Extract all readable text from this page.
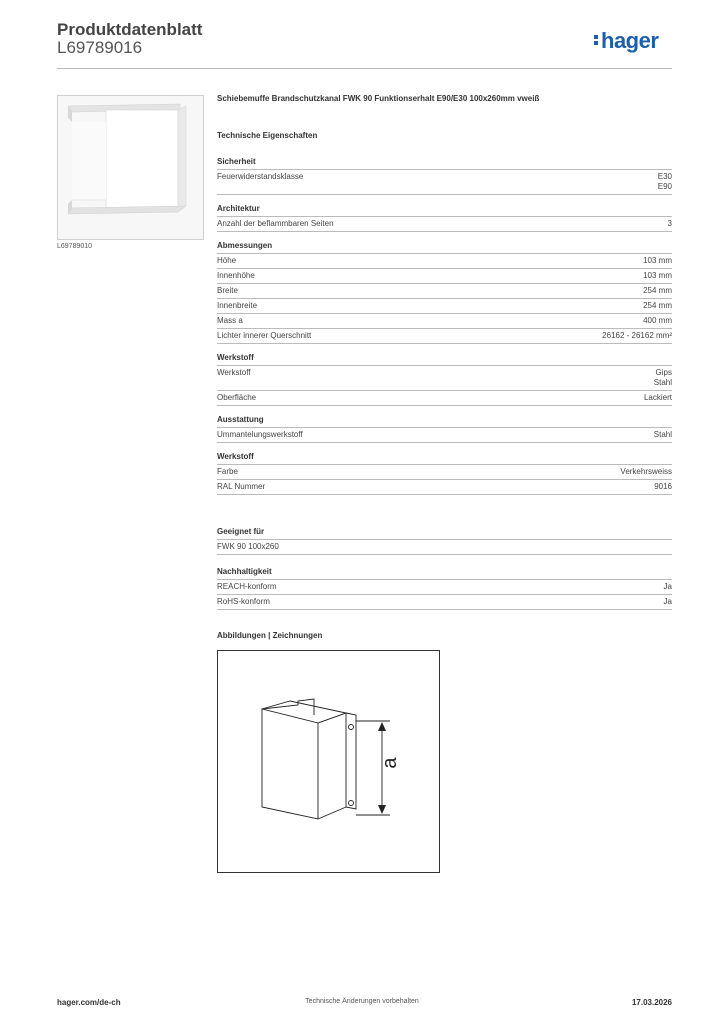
Produktdatenblatt
L69789016	hager
L69789010
Schiebemuffe Brandschutzkanal FWK 90 Funktionserhalt E90/E30 100x260mm vweiß
Technische Eigenschaften
Sicherheit
Feuerwiderstandsklasse	E30
E90
Architektur
Anzahl der beflammbaren Seiten	3
Abmessungen
Höhe	103 mm
Innenhöhe	103 mm
Breite	254 mm
Innenbreite	254 mm
Mass a	400 mm
Lichter innerer Querschnitt	26162 - 26162 mm²
Werkstoff
Werkstoff	Gips
Stahl
Oberfläche	Lackiert
Ausstattung
Ummantelungswerkstoff	Stahl
Werkstoff
Farbe	Verkehrsweiss
RAL Nummer	9016
Geeignet für
FWK 90 100x260
Nachhaltigkeit
REACH-konform	Ja
RoHS-konform	Ja
Abbildungen | Zeichnungen
a
hager.com/de-ch	Technische Änderungen vorbehalten	17.03.2026
